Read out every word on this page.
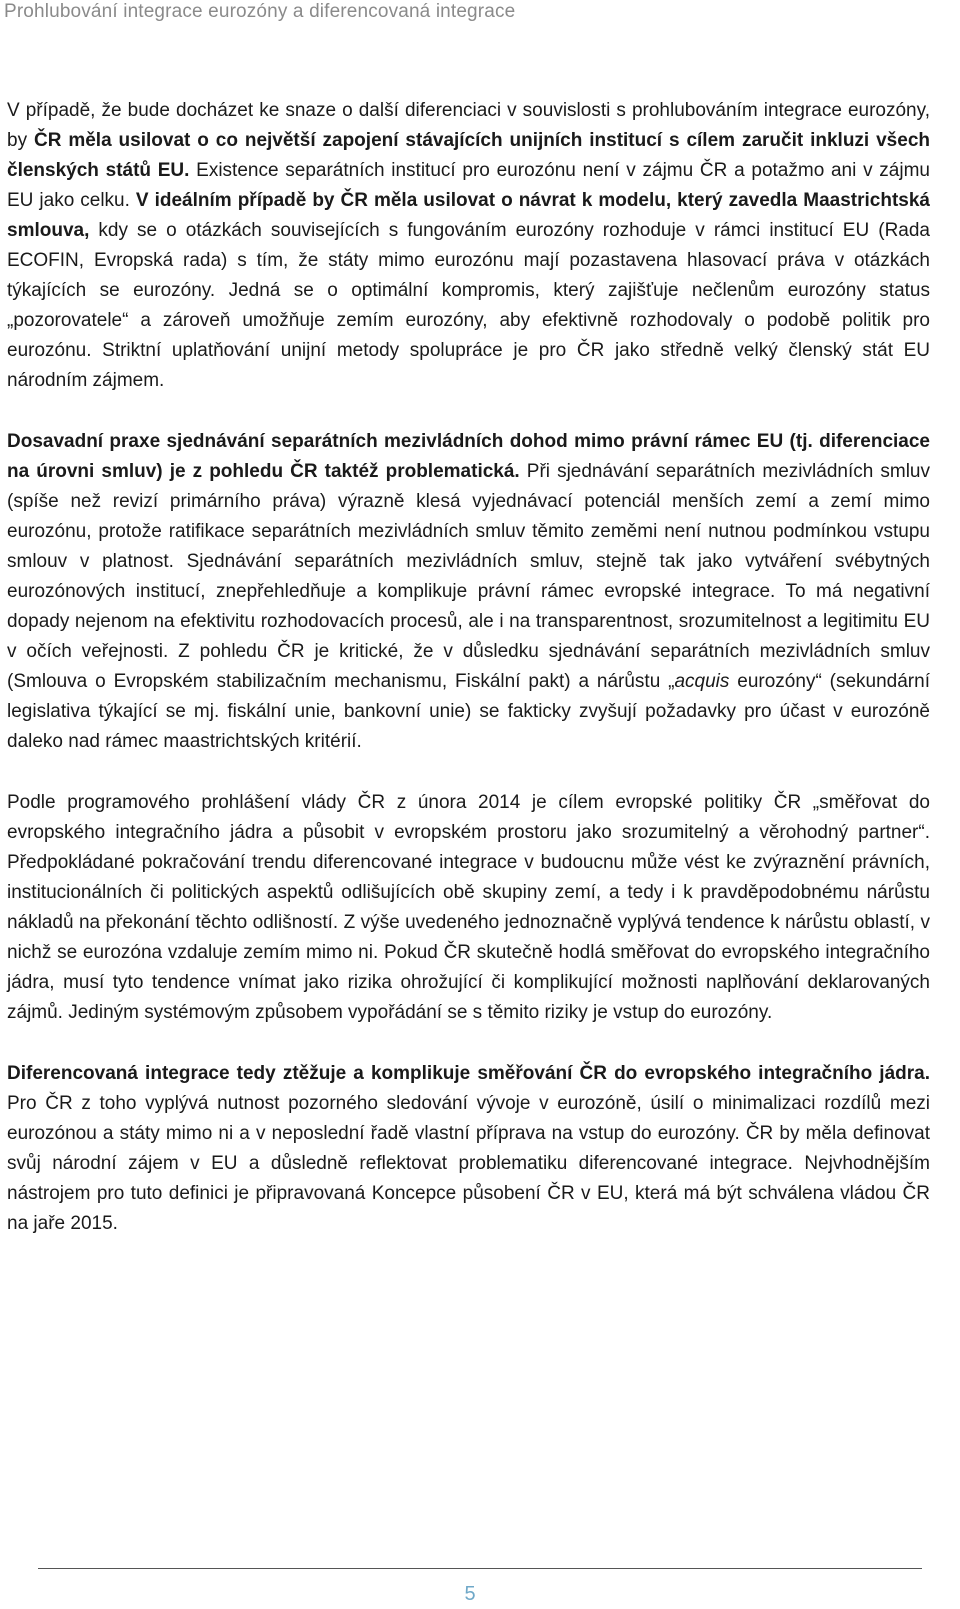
Prohlubování integrace eurozóny a diferencovaná integrace

V případě, že bude docházet ke snaze o další diferenciaci v souvislosti s prohlubováním integrace eurozóny, by ČR měla usilovat o co největší zapojení stávajících unijních institucí s cílem zaručit inkluzi všech členských států EU. Existence separátních institucí pro eurozónu není v zájmu ČR a potažmo ani v zájmu EU jako celku. V ideálním případě by ČR měla usilovat o návrat k modelu, který zavedla Maastrichtská smlouva, kdy se o otázkách souvisejících s fungováním eurozóny rozhoduje v rámci institucí EU (Rada ECOFIN, Evropská rada) s tím, že státy mimo eurozónu mají pozastavena hlasovací práva v otázkách týkajících se eurozóny. Jedná se o optimální kompromis, který zajišťuje nečlenům eurozóny status „pozorovatele“ a zároveň umožňuje zemím eurozóny, aby efektivně rozhodovaly o podobě politik pro eurozónu. Striktní uplatňování unijní metody spolupráce je pro ČR jako středně velký členský stát EU národním zájmem.

Dosavadní praxe sjednávání separátních mezivládních dohod mimo právní rámec EU (tj. diferenciace na úrovni smluv) je z pohledu ČR taktéž problematická. Při sjednávání separátních mezivládních smluv (spíše než revizí primárního práva) výrazně klesá vyjednávací potenciál menších zemí a zemí mimo eurozónu, protože ratifikace separátních mezivládních smluv těmito zeměmi není nutnou podmínkou vstupu smlouv v platnost. Sjednávání separátních mezivládních smluv, stejně tak jako vytváření svébytných eurozónových institucí, znepřehledňuje a komplikuje právní rámec evropské integrace. To má negativní dopady nejenom na efektivitu rozhodovacích procesů, ale i na transparentnost, srozumitelnost a legitimitu EU v očích veřejnosti. Z pohledu ČR je kritické, že v důsledku sjednávání separátních mezivládních smluv (Smlouva o Evropském stabilizačním mechanismu, Fiskální pakt) a nárůstu „acquis eurozóny“ (sekundární legislativa týkající se mj. fiskální unie, bankovní unie) se fakticky zvyšují požadavky pro účast v eurozóně daleko nad rámec maastrichtských kritérií.

Podle programového prohlášení vlády ČR z února 2014 je cílem evropské politiky ČR „směřovat do evropského integračního jádra a působit v evropském prostoru jako srozumitelný a věrohodný partner“. Předpokládané pokračování trendu diferencované integrace v budoucnu může vést ke zvýraznění právních, institucionálních či politických aspektů odlišujících obě skupiny zemí, a tedy i k pravděpodobnému nárůstu nákladů na překonání těchto odlišností. Z výše uvedeného jednoznačně vyplývá tendence k nárůstu oblastí, v nichž se eurozóna vzdaluje zemím mimo ni. Pokud ČR skutečně hodlá směřovat do evropského integračního jádra, musí tyto tendence vnímat jako rizika ohrožující či komplikující možnosti naplňování deklarovaných zájmů. Jediným systémovým způsobem vypořádání se s těmito riziky je vstup do eurozóny.

Diferencovaná integrace tedy ztěžuje a komplikuje směřování ČR do evropského integračního jádra. Pro ČR z toho vyplývá nutnost pozorného sledování vývoje v eurozóně, úsilí o minimalizaci rozdílů mezi eurozónou a státy mimo ni a v neposlední řadě vlastní příprava na vstup do eurozóny. ČR by měla definovat svůj národní zájem v EU a důsledně reflektovat problematiku diferencované integrace. Nejvhodnějším nástrojem pro tuto definici je připravovaná Koncepce působení ČR v EU, která má být schválena vládou ČR na jaře 2015.

5
